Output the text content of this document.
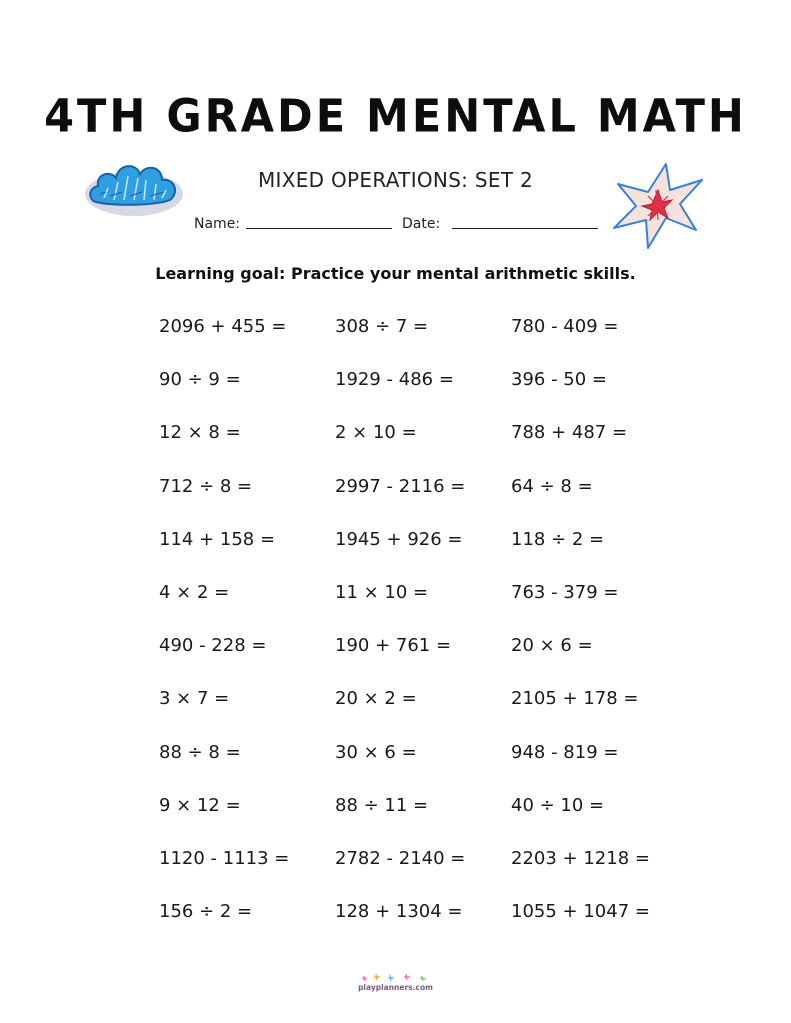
4TH GRADE MENTAL MATH
MIXED OPERATIONS: SET 2
Name:	Date:
Learning goal: Practice your mental arithmetic skills.
2096 + 455 =	308 ÷ 7 =	780 - 409 =
90 ÷ 9 =	1929 - 486 =	396 - 50 =
12 × 8 =	2 × 10 =	788 + 487 =
712 ÷ 8 =	2997 - 2116 =	64 ÷ 8 =
114 + 158 =	1945 + 926 =	118 ÷ 2 =
4 × 2 =	11 × 10 =	763 - 379 =
490 - 228 =	190 + 761 =	20 × 6 =
3 × 7 =	20 × 2 =	2105 + 178 =
88 ÷ 8 =	30 × 6 =	948 - 819 =
9 × 12 =	88 ÷ 11 =	40 ÷ 10 =
1120 - 1113 =	2782 - 2140 =	2203 + 1218 =
156 ÷ 2 =	128 + 1304 =	1055 + 1047 =
playplanners.com
